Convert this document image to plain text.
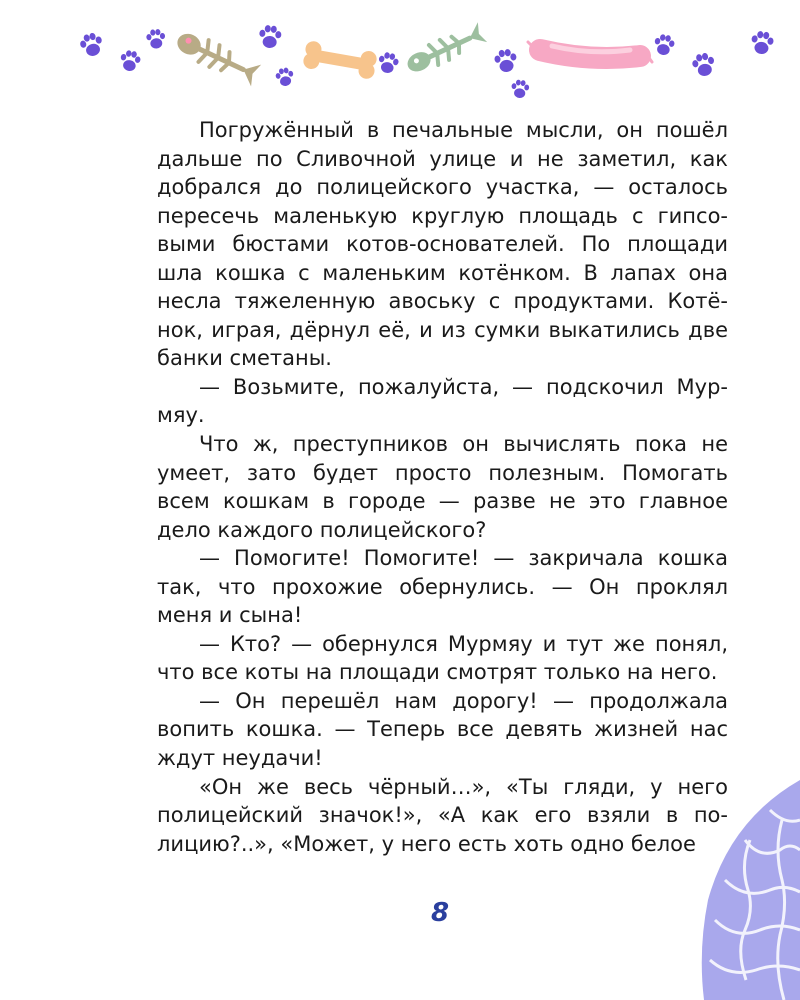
Погружённый в печальные мысли, он пошёл дальше по Сливочной улице и не заметил, как добрался до полицейского участка, — осталось пересечь маленькую круглую площадь с гипсовыми бюстами котов-основателей. По площади шла кошка с маленьким котёнком. В лапах она несла тяжеленную авоську с продуктами. Котёнок, играя, дёрнул её, и из сумки выкатились две банки сметаны.

— Возьмите, пожалуйста, — подскочил Мурмяу.

Что ж, преступников он вычислять пока не умеет, зато будет просто полезным. Помогать всем кошкам в городе — разве не это главное дело каждого полицейского?

— Помогите! Помогите! — закричала кошка так, что прохожие обернулись. — Он проклял меня и сына!

— Кто? — обернулся Мурмяу и тут же понял, что все коты на площади смотрят только на него.

— Он перешёл нам дорогу! — продолжала вопить кошка. — Теперь все девять жизней нас ждут неудачи!

«Он же весь чёрный…», «Ты гляди, у него полицейский значок!», «А как его взяли в полицию?..», «Может, у него есть хоть одно белое

8
